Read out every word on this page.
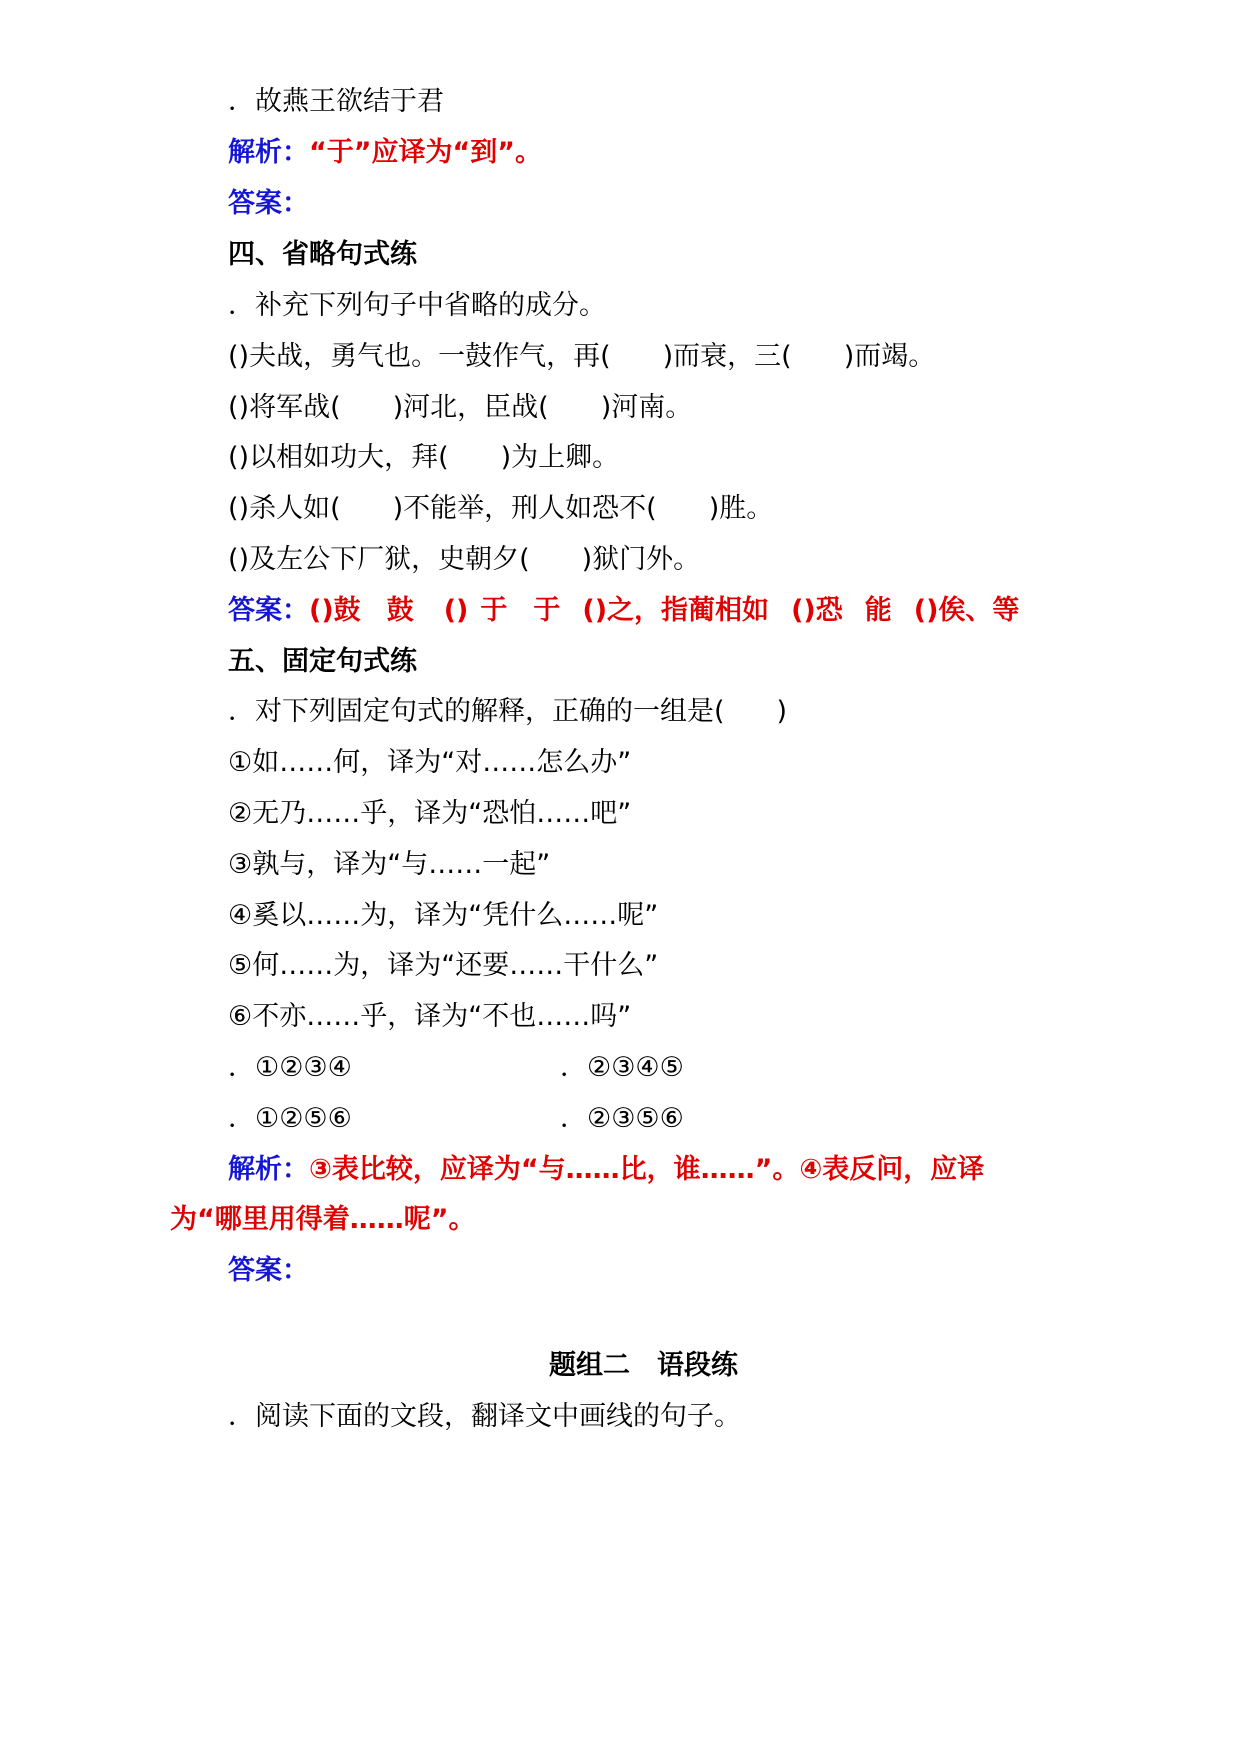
．故燕王欲结于君
解析：“于”应译为“到”。
答案：
四、省略句式练
．补充下列句子中省略的成分。
()夫战，勇气也。一鼓作气，再( )而衰，三( )而竭。
()将军战( )河北，臣战( )河南。
()以相如功大，拜( )为上卿。
()杀人如( )不能举，刑人如恐不( )胜。
()及左公下厂狱，史朝夕( )狱门外。
答案：()鼓 鼓 () 于 于 ()之，指蔺相如 ()恐 能 ()俟、等
五、固定句式练
．对下列固定句式的解释，正确的一组是( )
①如……何，译为“对……怎么办”
②无乃……乎，译为“恐怕……吧”
③孰与，译为“与……一起”
④奚以……为，译为“凭什么……呢”
⑤何……为，译为“还要……干什么”
⑥不亦……乎，译为“不也……吗”
．①②③④	．②③④⑤
．①②⑤⑥	．②③⑤⑥
解析：③表比较，应译为“与……比，谁……”。④表反问，应译
为“哪里用得着……呢”。
答案：
题组二　语段练
．阅读下面的文段，翻译文中画线的句子。
